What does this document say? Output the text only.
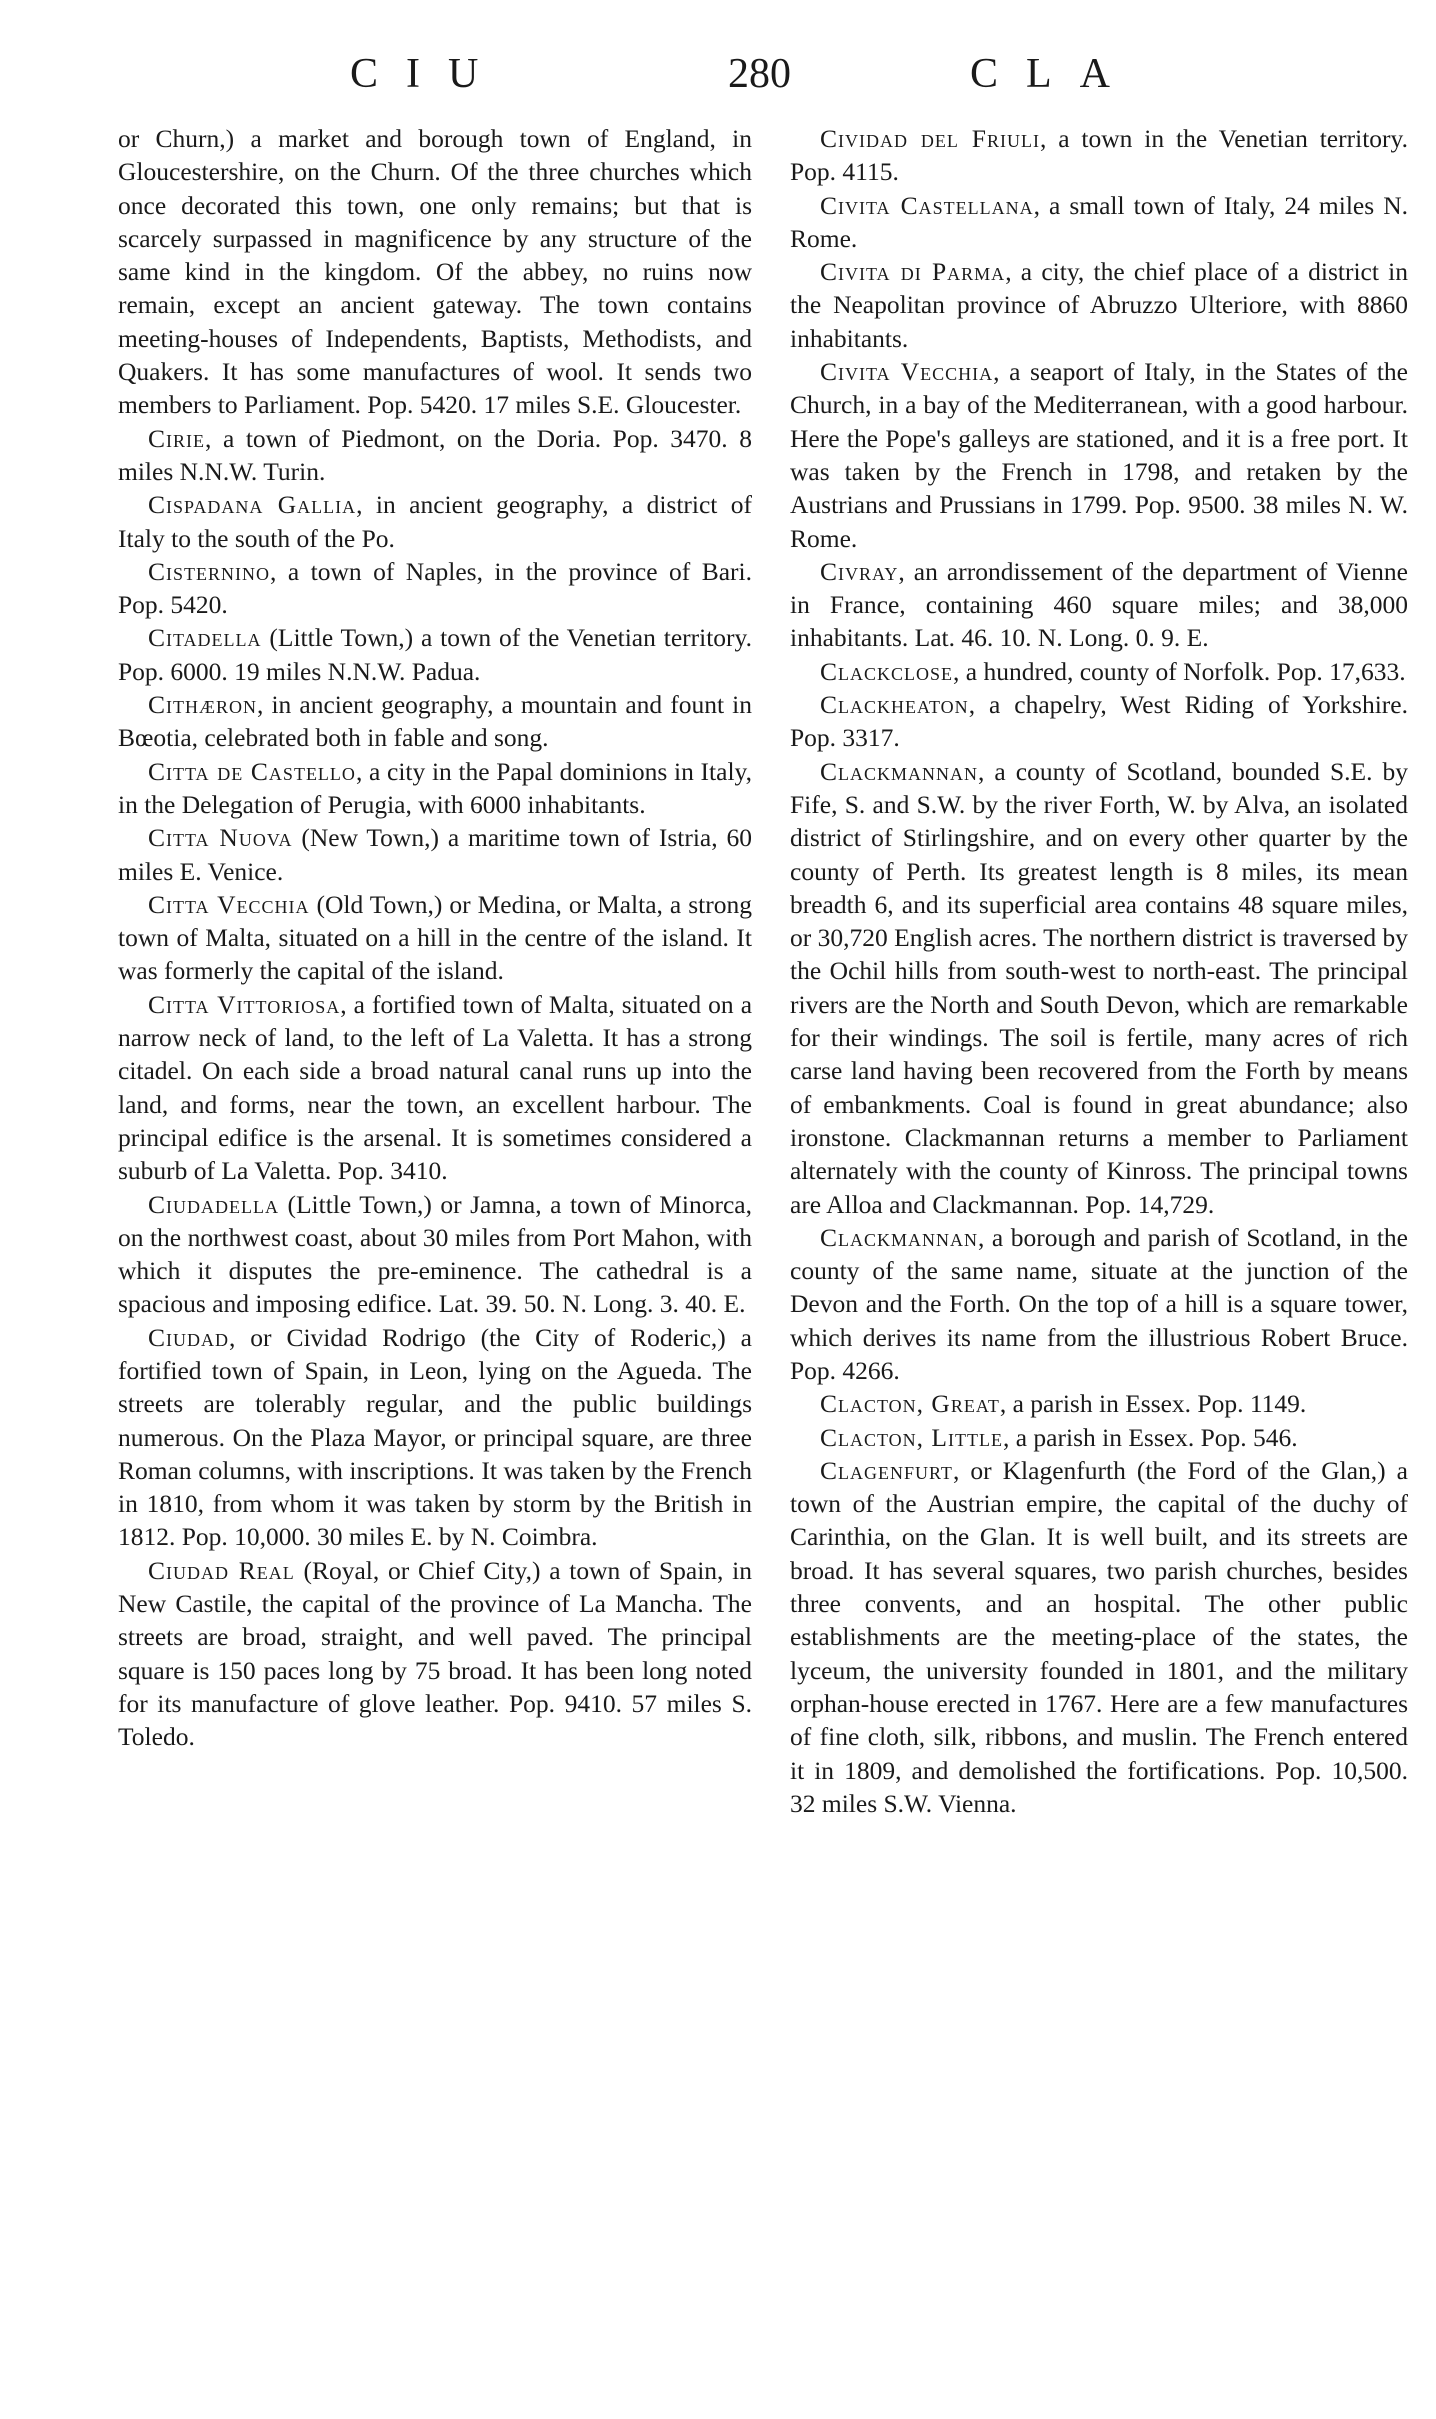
CIU	280	CLA

or Churn,) a market and borough town of England, in Gloucestershire, on the Churn. Of the three churches which once decorated this town, one only remains; but that is scarcely surpassed in magnificence by any structure of the same kind in the kingdom. Of the abbey, no ruins now remain, except an ancient gateway. The town contains meeting-houses of Independents, Baptists, Methodists, and Quakers. It has some manufactures of wool. It sends two members to Parliament. Pop. 5420. 17 miles S.E. Gloucester.

Cirie, a town of Piedmont, on the Doria. Pop. 3470. 8 miles N.N.W. Turin.

Cispadana Gallia, in ancient geography, a district of Italy to the south of the Po.

Cisternino, a town of Naples, in the province of Bari. Pop. 5420.

Citadella (Little Town,) a town of the Venetian territory. Pop. 6000. 19 miles N.N.W. Padua.

Cithæron, in ancient geography, a mountain and fount in Bœotia, celebrated both in fable and song.

Citta de Castello, a city in the Papal dominions in Italy, in the Delegation of Perugia, with 6000 inhabitants.

Citta Nuova (New Town,) a maritime town of Istria, 60 miles E. Venice.

Citta Vecchia (Old Town,) or Medina, or Malta, a strong town of Malta, situated on a hill in the centre of the island. It was formerly the capital of the island.

Citta Vittoriosa, a fortified town of Malta, situated on a narrow neck of land, to the left of La Valetta. It has a strong citadel. On each side a broad natural canal runs up into the land, and forms, near the town, an excellent harbour. The principal edifice is the arsenal. It is sometimes considered a suburb of La Valetta. Pop. 3410.

Ciudadella (Little Town,) or Jamna, a town of Minorca, on the northwest coast, about 30 miles from Port Mahon, with which it disputes the pre-eminence. The cathedral is a spacious and imposing edifice. Lat. 39. 50. N. Long. 3. 40. E.

Ciudad, or Cividad Rodrigo (the City of Roderic,) a fortified town of Spain, in Leon, lying on the Agueda. The streets are tolerably regular, and the public buildings numerous. On the Plaza Mayor, or principal square, are three Roman columns, with inscriptions. It was taken by the French in 1810, from whom it was taken by storm by the British in 1812. Pop. 10,000. 30 miles E. by N. Coimbra.

Ciudad Real (Royal, or Chief City,) a town of Spain, in New Castile, the capital of the province of La Mancha. The streets are broad, straight, and well paved. The principal square is 150 paces long by 75 broad. It has been long noted for its manufacture of glove leather. Pop. 9410. 57 miles S. Toledo.

Cividad del Friuli, a town in the Venetian territory. Pop. 4115.

Civita Castellana, a small town of Italy, 24 miles N. Rome.

Civita di Parma, a city, the chief place of a district in the Neapolitan province of Abruzzo Ulteriore, with 8860 inhabitants.

Civita Vecchia, a seaport of Italy, in the States of the Church, in a bay of the Mediterranean, with a good harbour. Here the Pope's galleys are stationed, and it is a free port. It was taken by the French in 1798, and retaken by the Austrians and Prussians in 1799. Pop. 9500. 38 miles N. W. Rome.

Civray, an arrondissement of the department of Vienne in France, containing 460 square miles; and 38,000 inhabitants. Lat. 46. 10. N. Long. 0. 9. E.

Clackclose, a hundred, county of Norfolk. Pop. 17,633.

Clackheaton, a chapelry, West Riding of Yorkshire. Pop. 3317.

Clackmannan, a county of Scotland, bounded S.E. by Fife, S. and S.W. by the river Forth, W. by Alva, an isolated district of Stirlingshire, and on every other quarter by the county of Perth. Its greatest length is 8 miles, its mean breadth 6, and its superficial area contains 48 square miles, or 30,720 English acres. The northern district is traversed by the Ochil hills from south-west to north-east. The principal rivers are the North and South Devon, which are remarkable for their windings. The soil is fertile, many acres of rich carse land having been recovered from the Forth by means of embankments. Coal is found in great abundance; also ironstone. Clackmannan returns a member to Parliament alternately with the county of Kinross. The principal towns are Alloa and Clackmannan. Pop. 14,729.

Clackmannan, a borough and parish of Scotland, in the county of the same name, situate at the junction of the Devon and the Forth. On the top of a hill is a square tower, which derives its name from the illustrious Robert Bruce. Pop. 4266.

Clacton, Great, a parish in Essex. Pop. 1149.

Clacton, Little, a parish in Essex. Pop. 546.

Clagenfurt, or Klagenfurth (the Ford of the Glan,) a town of the Austrian empire, the capital of the duchy of Carinthia, on the Glan. It is well built, and its streets are broad. It has several squares, two parish churches, besides three convents, and an hospital. The other public establishments are the meeting-place of the states, the lyceum, the university founded in 1801, and the military orphan-house erected in 1767. Here are a few manufactures of fine cloth, silk, ribbons, and muslin. The French entered it in 1809, and demolished the fortifications. Pop. 10,500. 32 miles S.W. Vienna.
